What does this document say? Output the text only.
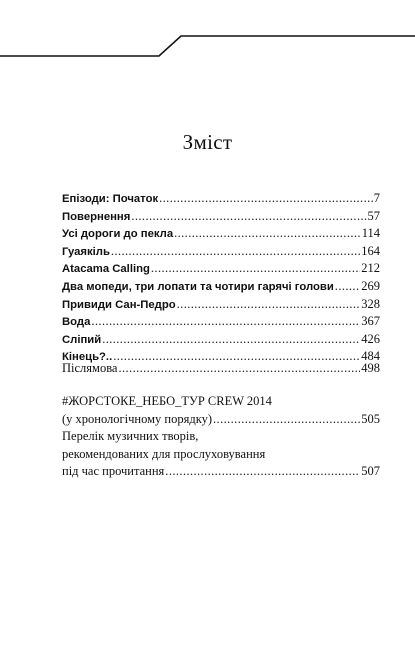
Зміст
Епізоди: Початок .....	7
Повернення .....	57
Усі дороги до пекла .....	114
Гуаякіль .....	164
Atacama Calling .....	212
Два мопеди, три лопати та чотири гарячі голови ..... 269
Привиди Сан-Педро .....	328
Вода .....	367
Сліпий .....	426
Кінець?.. .....	484
Післямова .....	498
#ЖОРСТОКЕ_НЕБО_ТУР CREW 2014
(у хронологічному порядку) .....	505
Перелік музичних творів,
рекомендованих для прослуховування
під час прочитання .....	507
